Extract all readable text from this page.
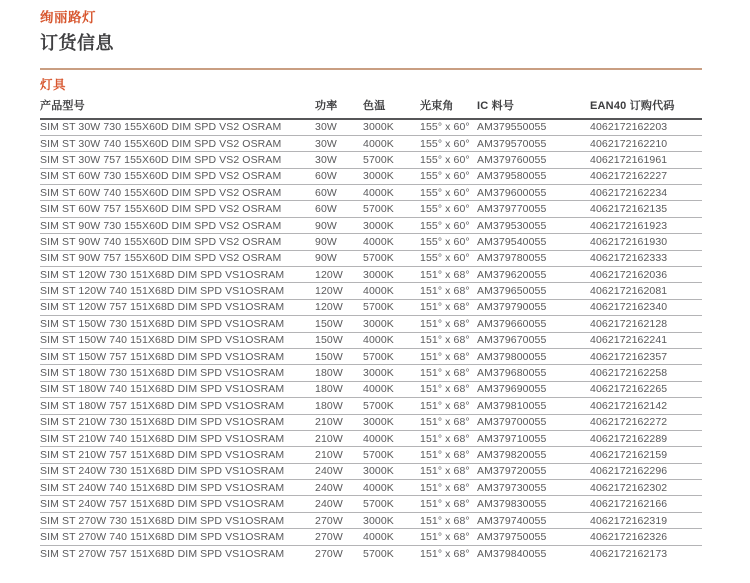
绚丽路灯
订货信息
灯具
产品型号	功率	色温	光束角	IC 料号	EAN40 订购代码
SIM ST 30W 730 155X60D DIM SPD VS2 OSRAM	30W	3000K	155° x 60°	AM379550055	4062172162203
SIM ST 30W 740 155X60D DIM SPD VS2 OSRAM	30W	4000K	155° x 60°	AM379570055	4062172162210
SIM ST 30W 757 155X60D DIM SPD VS2 OSRAM	30W	5700K	155° x 60°	AM379760055	4062172161961
SIM ST 60W 730 155X60D DIM SPD VS2 OSRAM	60W	3000K	155° x 60°	AM379580055	4062172162227
SIM ST 60W 740 155X60D DIM SPD VS2 OSRAM	60W	4000K	155° x 60°	AM379600055	4062172162234
SIM ST 60W 757 155X60D DIM SPD VS2 OSRAM	60W	5700K	155° x 60°	AM379770055	4062172162135
SIM ST 90W 730 155X60D DIM SPD VS2 OSRAM	90W	3000K	155° x 60°	AM379530055	4062172161923
SIM ST 90W 740 155X60D DIM SPD VS2 OSRAM	90W	4000K	155° x 60°	AM379540055	4062172161930
SIM ST 90W 757 155X60D DIM SPD VS2 OSRAM	90W	5700K	155° x 60°	AM379780055	4062172162333
SIM ST 120W 730 151X68D DIM SPD VS1OSRAM	120W	3000K	151° x 68°	AM379620055	4062172162036
SIM ST 120W 740 151X68D DIM SPD VS1OSRAM	120W	4000K	151° x 68°	AM379650055	4062172162081
SIM ST 120W 757 151X68D DIM SPD VS1OSRAM	120W	5700K	151° x 68°	AM379790055	4062172162340
SIM ST 150W 730 151X68D DIM SPD VS1OSRAM	150W	3000K	151° x 68°	AM379660055	4062172162128
SIM ST 150W 740 151X68D DIM SPD VS1OSRAM	150W	4000K	151° x 68°	AM379670055	4062172162241
SIM ST 150W 757 151X68D DIM SPD VS1OSRAM	150W	5700K	151° x 68°	AM379800055	4062172162357
SIM ST 180W 730 151X68D DIM SPD VS1OSRAM	180W	3000K	151° x 68°	AM379680055	4062172162258
SIM ST 180W 740 151X68D DIM SPD VS1OSRAM	180W	4000K	151° x 68°	AM379690055	4062172162265
SIM ST 180W 757 151X68D DIM SPD VS1OSRAM	180W	5700K	151° x 68°	AM379810055	4062172162142
SIM ST 210W 730 151X68D DIM SPD VS1OSRAM	210W	3000K	151° x 68°	AM379700055	4062172162272
SIM ST 210W 740 151X68D DIM SPD VS1OSRAM	210W	4000K	151° x 68°	AM379710055	4062172162289
SIM ST 210W 757 151X68D DIM SPD VS1OSRAM	210W	5700K	151° x 68°	AM379820055	4062172162159
SIM ST 240W 730 151X68D DIM SPD VS1OSRAM	240W	3000K	151° x 68°	AM379720055	4062172162296
SIM ST 240W 740 151X68D DIM SPD VS1OSRAM	240W	4000K	151° x 68°	AM379730055	4062172162302
SIM ST 240W 757 151X68D DIM SPD VS1OSRAM	240W	5700K	151° x 68°	AM379830055	4062172162166
SIM ST 270W 730 151X68D DIM SPD VS1OSRAM	270W	3000K	151° x 68°	AM379740055	4062172162319
SIM ST 270W 740 151X68D DIM SPD VS1OSRAM	270W	4000K	151° x 68°	AM379750055	4062172162326
SIM ST 270W 757 151X68D DIM SPD VS1OSRAM	270W	5700K	151° x 68°	AM379840055	4062172162173
